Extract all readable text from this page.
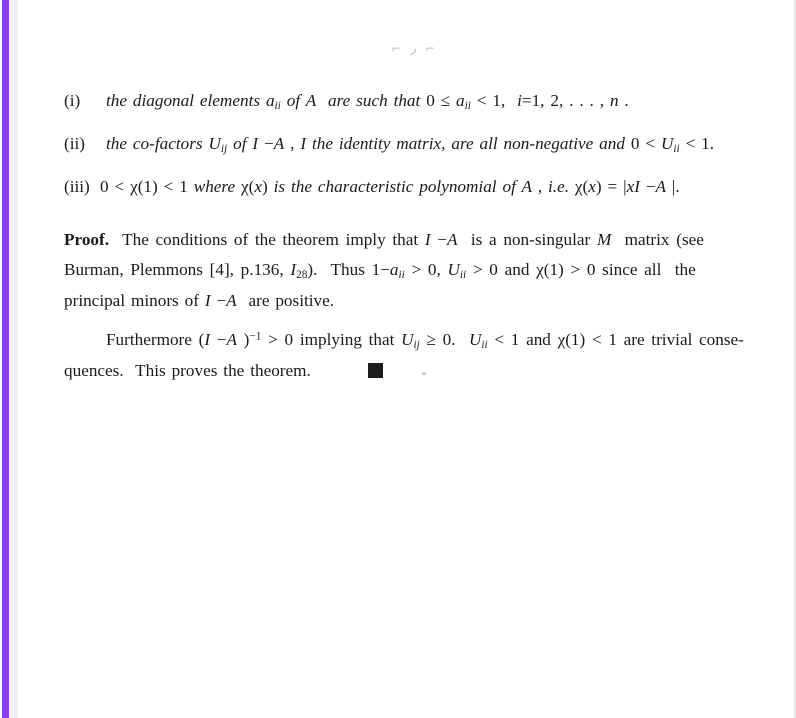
⌐ ◞ ⌐
(i) the diagonal elements $a_{ii}$ of A  are such that $0 \le a_{ii} < 1$,  i=1, 2, . . . , n .
(ii) the co-factors $U_{ij}$ of I −A , I the identity matrix, are all non-negative and $0 < U_{ii} < 1$.
(iii) 0 < χ(1) < 1 where χ(x) is the characteristic polynomial of A , i.e. χ(x) = |xI −A |.
Proof. The conditions of the theorem imply that I −A  is a non-singular M  matrix (see
Burman, Plemmons [4], p.136, $I_{28}$).  Thus $1-a_{ii} > 0$, $U_{ii} > 0$ and χ(1) > 0 since all  the
principal minors of I −A  are positive.
Furthermore (I −A )$^{-1}$ > 0 implying that $U_{ij} \ge 0$.  $U_{ii} < 1$ and χ(1) < 1 are trivial conse-
quences.  This proves the theorem.
